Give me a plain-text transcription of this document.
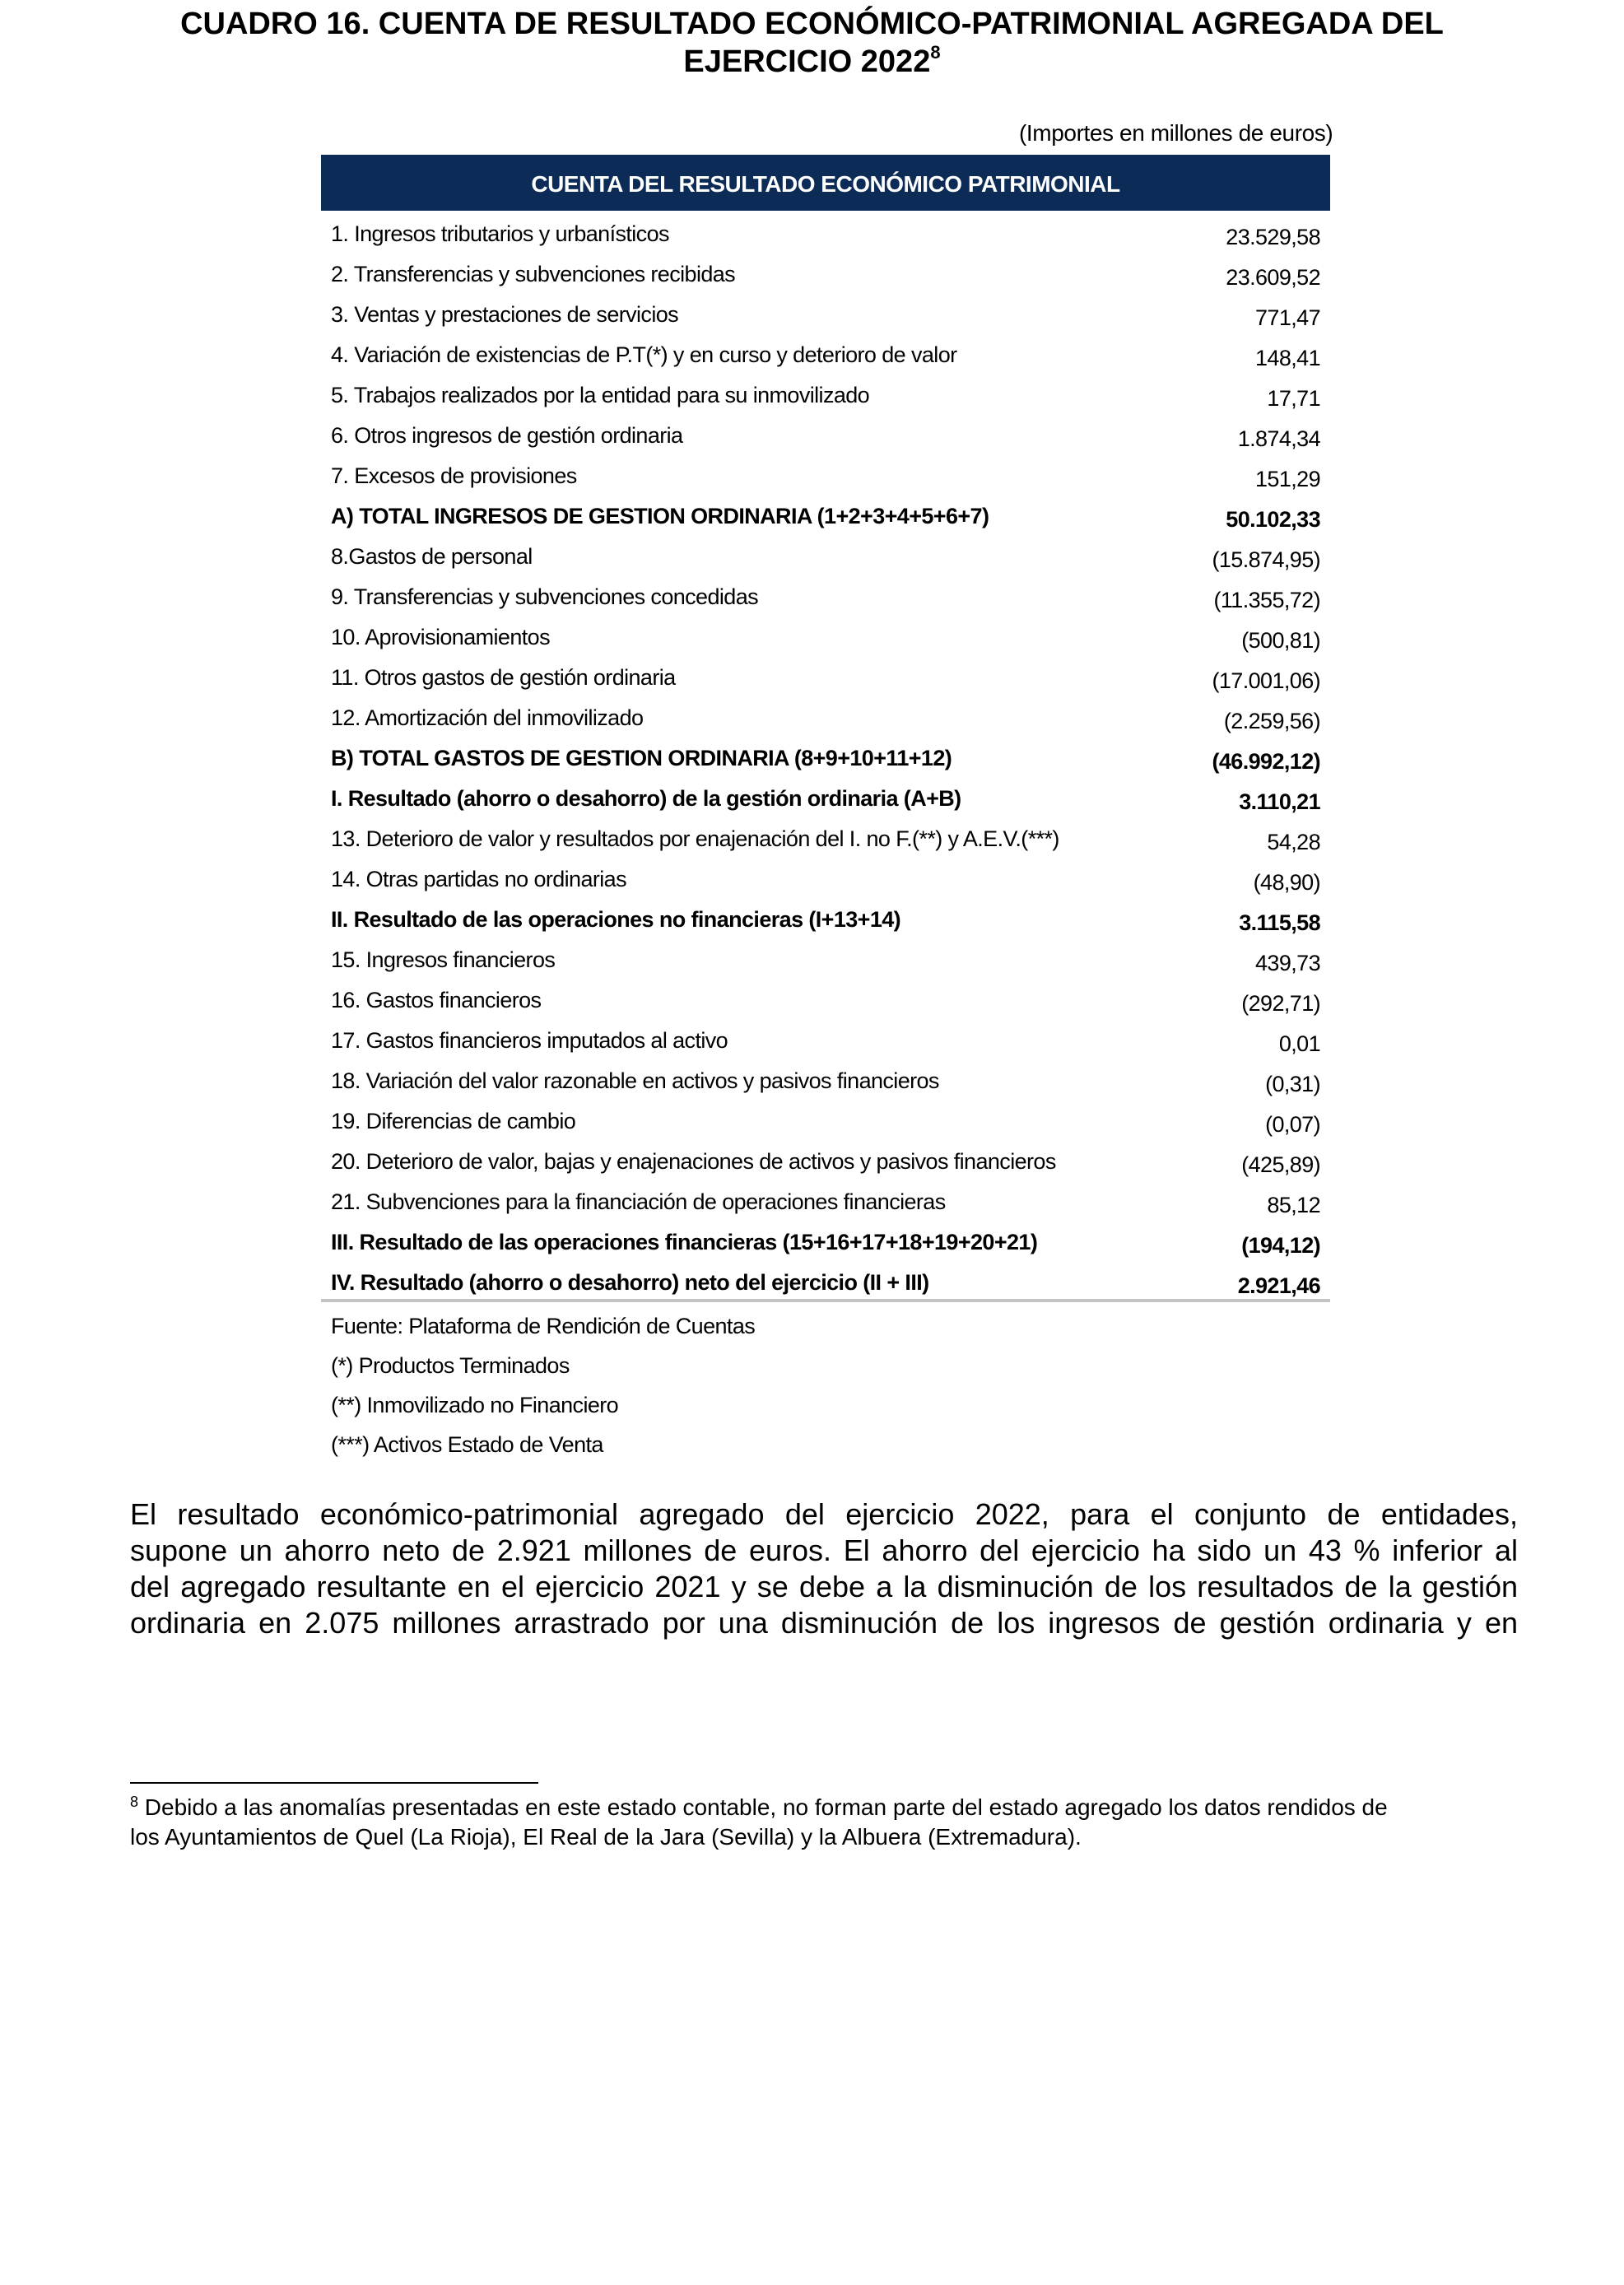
CUADRO 16. CUENTA DE RESULTADO ECONÓMICO-PATRIMONIAL AGREGADA DEL
EJERCICIO 2022$^8$
(Importes en millones de euros)
CUENTA DEL RESULTADO ECONÓMICO PATRIMONIAL
1. Ingresos tributarios y urbanísticos	23.529,58
2. Transferencias y subvenciones recibidas	23.609,52
3. Ventas y prestaciones de servicios	771,47
4. Variación de existencias de P.T(*) y en curso y deterioro de valor	148,41
5. Trabajos realizados por la entidad para su inmovilizado	17,71
6. Otros ingresos de gestión ordinaria	1.874,34
7. Excesos de provisiones	151,29
A) TOTAL INGRESOS DE GESTION ORDINARIA (1+2+3+4+5+6+7)	50.102,33
8.Gastos de personal	(15.874,95)
9. Transferencias y subvenciones concedidas	(11.355,72)
10. Aprovisionamientos	(500,81)
11. Otros gastos de gestión ordinaria	(17.001,06)
12. Amortización del inmovilizado	(2.259,56)
B) TOTAL GASTOS DE GESTION ORDINARIA (8+9+10+11+12)	(46.992,12)
I. Resultado (ahorro o desahorro) de la gestión ordinaria (A+B)	3.110,21
13. Deterioro de valor y resultados por enajenación del I. no F.(**) y A.E.V.(***)	54,28
14. Otras partidas no ordinarias	(48,90)
II. Resultado de las operaciones no financieras (I+13+14)	3.115,58
15. Ingresos financieros	439,73
16. Gastos financieros	(292,71)
17. Gastos financieros imputados al activo	0,01
18. Variación del valor razonable en activos y pasivos financieros	(0,31)
19. Diferencias de cambio	(0,07)
20. Deterioro de valor, bajas y enajenaciones de activos y pasivos financieros	(425,89)
21. Subvenciones para la financiación de operaciones financieras	85,12
III. Resultado de las operaciones financieras (15+16+17+18+19+20+21)	(194,12)
IV. Resultado (ahorro o desahorro) neto del ejercicio (II + III)	2.921,46
Fuente: Plataforma de Rendición de Cuentas
(*) Productos Terminados
(**) Inmovilizado no Financiero
(***) Activos Estado de Venta
El resultado económico-patrimonial agregado del ejercicio 2022, para el conjunto de entidades,
supone un ahorro neto de 2.921 millones de euros. El ahorro del ejercicio ha sido un 43 % inferior al
del agregado resultante en el ejercicio 2021 y se debe a la disminución de los resultados de la gestión
ordinaria en 2.075 millones arrastrado por una disminución de los ingresos de gestión ordinaria y en
$^8$ Debido a las anomalías presentadas en este estado contable, no forman parte del estado agregado los datos rendidos de
los Ayuntamientos de Quel (La Rioja), El Real de la Jara (Sevilla) y la Albuera (Extremadura).
